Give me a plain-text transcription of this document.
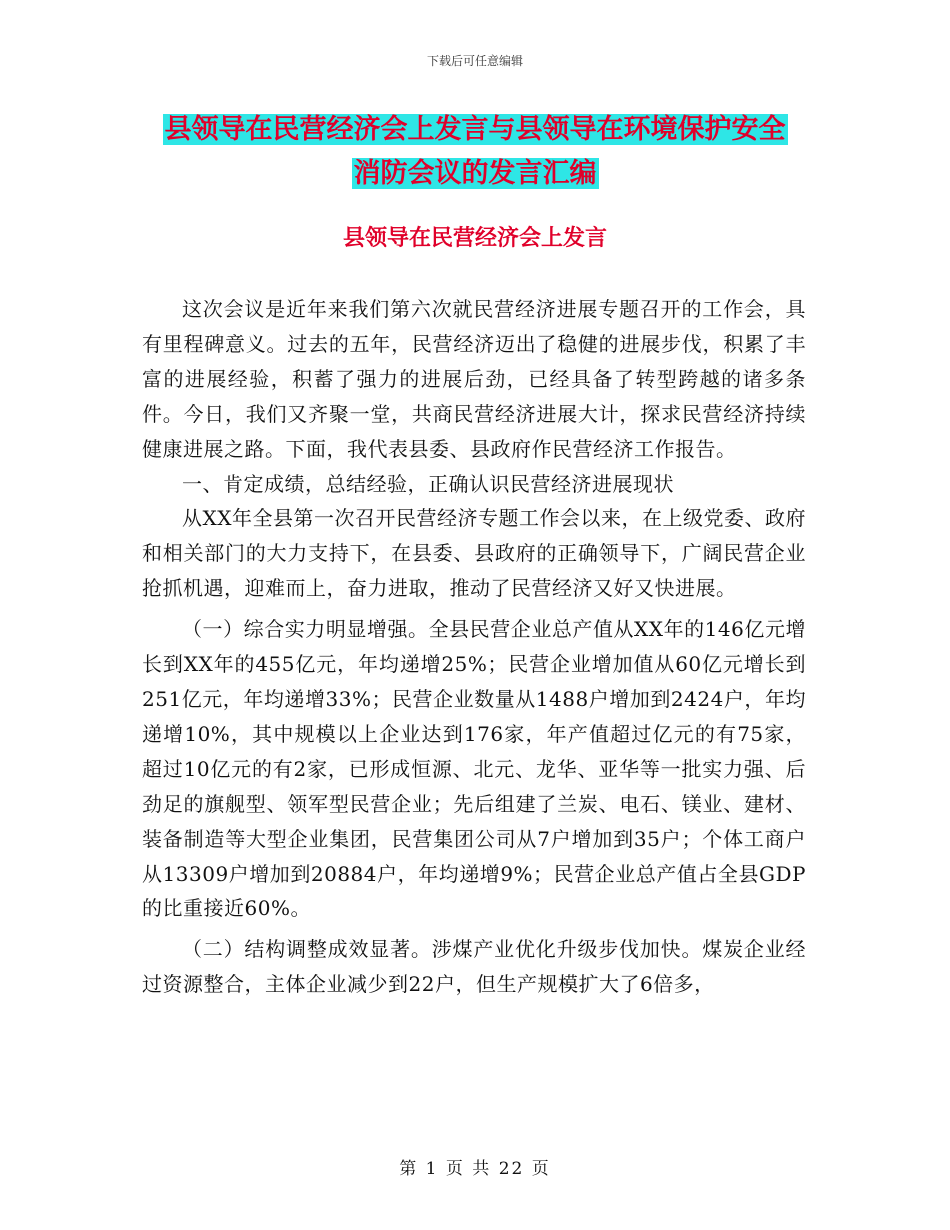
下载后可任意编辑
县领导在民营经济会上发言与县领导在环境保护安全
消防会议的发言汇编
县领导在民营经济会上发言

这次会议是近年来我们第六次就民营经济进展专题召开的工作会，具有里程碑意义。过去的五年，民营经济迈出了稳健的进展步伐，积累了丰富的进展经验，积蓄了强力的进展后劲，已经具备了转型跨越的诸多条件。今日，我们又齐聚一堂，共商民营经济进展大计，探求民营经济持续健康进展之路。下面，我代表县委、县政府作民营经济工作报告。

一、肯定成绩，总结经验，正确认识民营经济进展现状

从XX年全县第一次召开民营经济专题工作会以来，在上级党委、政府和相关部门的大力支持下，在县委、县政府的正确领导下，广阔民营企业抢抓机遇，迎难而上，奋力进取，推动了民营经济又好又快进展。

（一）综合实力明显增强。全县民营企业总产值从XX年的146亿元增长到XX年的455亿元，年均递增25%；民营企业增加值从60亿元增长到251亿元，年均递增33%；民营企业数量从1488户增加到2424户，年均递增10%，其中规模以上企业达到176家，年产值超过亿元的有75家，超过10亿元的有2家，已形成恒源、北元、龙华、亚华等一批实力强、后劲足的旗舰型、领军型民营企业；先后组建了兰炭、电石、镁业、建材、装备制造等大型企业集团，民营集团公司从7户增加到35户；个体工商户从13309户增加到20884户，年均递增9%；民营企业总产值占全县GDP的比重接近60%。

（二）结构调整成效显著。涉煤产业优化升级步伐加快。煤炭企业经过资源整合，主体企业减少到22户，但生产规模扩大了6倍多，

第 1 页 共 22 页
